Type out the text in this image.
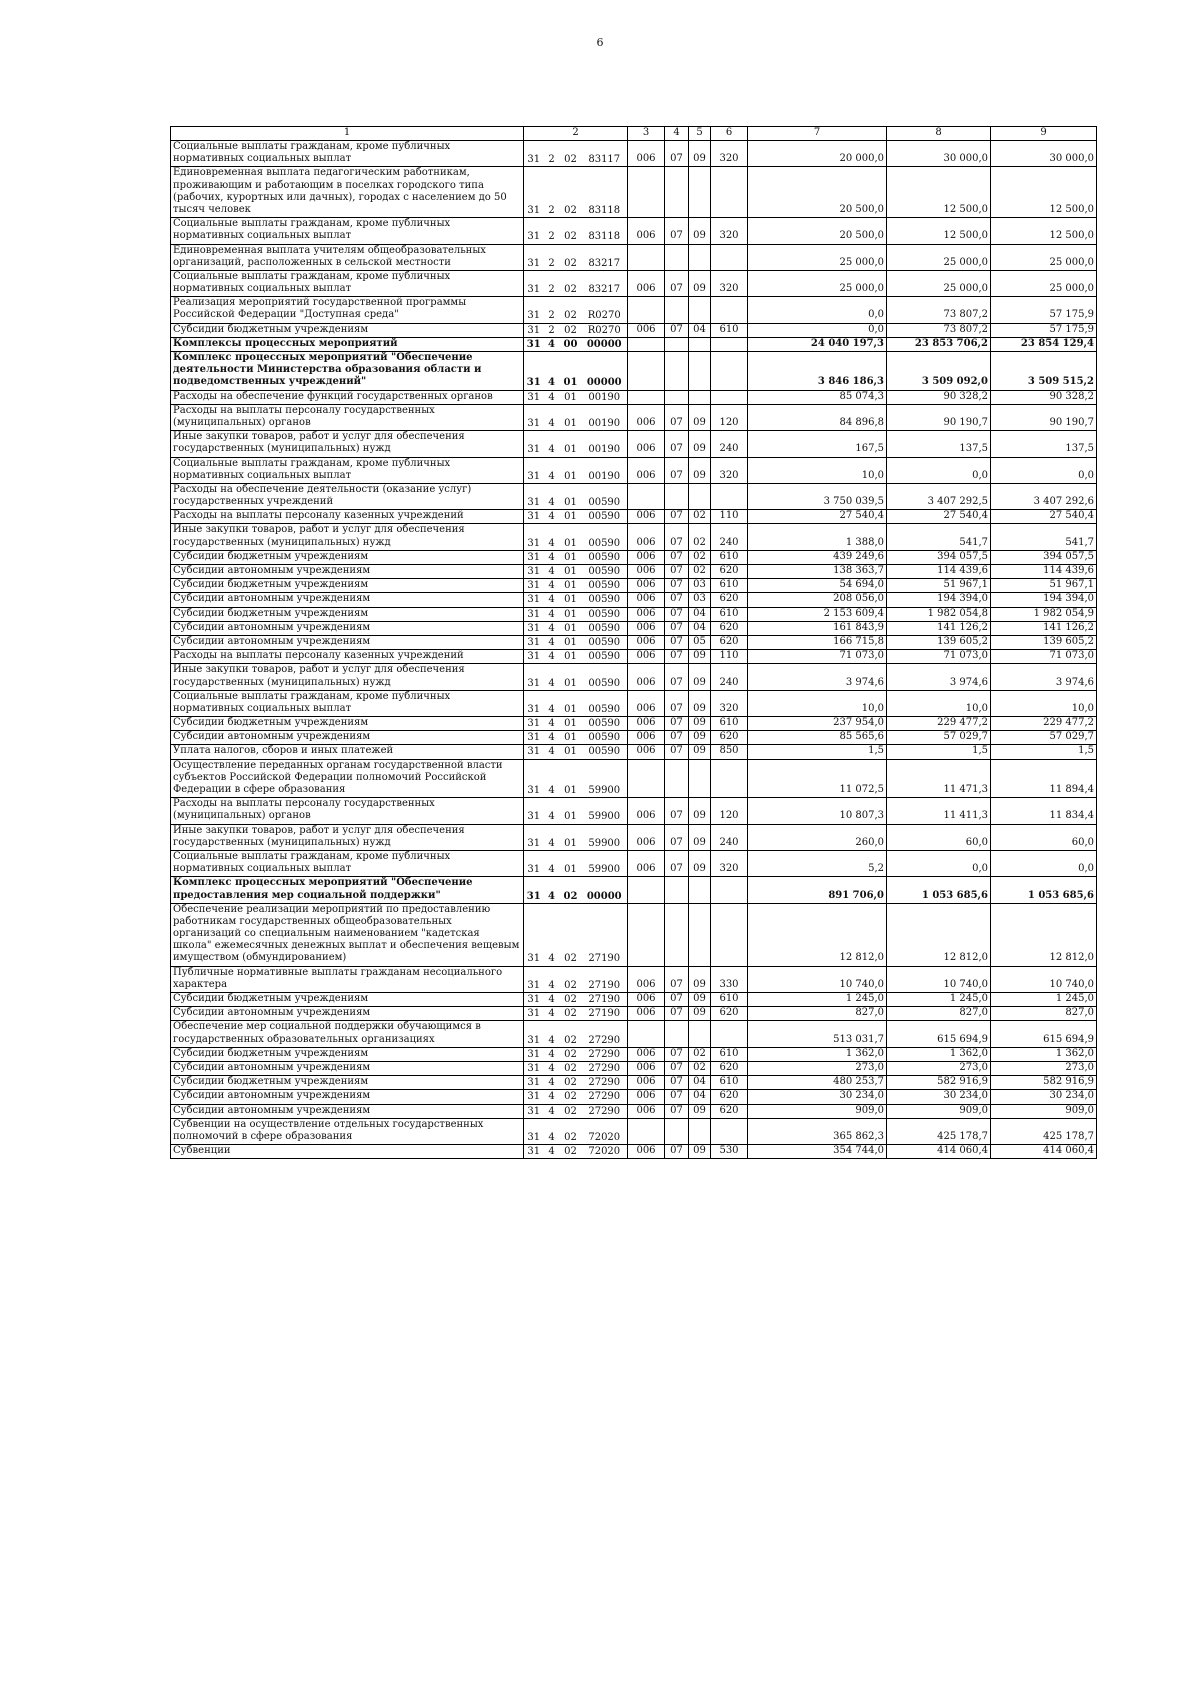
6
1	2				3	4	5	6	7	8	9
Социальные выплаты гражданам, кроме публичных нормативных социальных выплат	31	2	02	83117	006	07	09	320	20 000,0	30 000,0	30 000,0
Единовременная выплата педагогическим работникам, проживающим и работающим в поселках городского типа (рабочих, курортных или дачных), городах с населением до 50 тысяч человек	31	2	02	83118					20 500,0	12 500,0	12 500,0
Социальные выплаты гражданам, кроме публичных нормативных социальных выплат	31	2	02	83118	006	07	09	320	20 500,0	12 500,0	12 500,0
Единовременная выплата учителям общеобразовательных организаций, расположенных в сельской местности	31	2	02	83217					25 000,0	25 000,0	25 000,0
Социальные выплаты гражданам, кроме публичных нормативных социальных выплат	31	2	02	83217	006	07	09	320	25 000,0	25 000,0	25 000,0
Реализация мероприятий государственной программы Российской Федерации "Доступная среда"	31	2	02	R0270					0,0	73 807,2	57 175,9
Субсидии бюджетным учреждениям	31	2	02	R0270	006	07	04	610	0,0	73 807,2	57 175,9
Комплексы процессных мероприятий	31	4	00	00000					24 040 197,3	23 853 706,2	23 854 129,4
Комплекс процессных мероприятий "Обеспечение деятельности Министерства образования области и подведомственных учреждений"	31	4	01	00000					3 846 186,3	3 509 092,0	3 509 515,2
Расходы на обеспечение функций государственных органов	31	4	01	00190					85 074,3	90 328,2	90 328,2
Расходы на выплаты персоналу государственных (муниципальных) органов	31	4	01	00190	006	07	09	120	84 896,8	90 190,7	90 190,7
Иные закупки товаров, работ и услуг для обеспечения государственных (муниципальных) нужд	31	4	01	00190	006	07	09	240	167,5	137,5	137,5
Социальные выплаты гражданам, кроме публичных нормативных социальных выплат	31	4	01	00190	006	07	09	320	10,0	0,0	0,0
Расходы на обеспечение деятельности (оказание услуг) государственных учреждений	31	4	01	00590					3 750 039,5	3 407 292,5	3 407 292,6
Расходы на выплаты персоналу казенных учреждений	31	4	01	00590	006	07	02	110	27 540,4	27 540,4	27 540,4
Иные закупки товаров, работ и услуг для обеспечения государственных (муниципальных) нужд	31	4	01	00590	006	07	02	240	1 388,0	541,7	541,7
Субсидии бюджетным учреждениям	31	4	01	00590	006	07	02	610	439 249,6	394 057,5	394 057,5
Субсидии автономным учреждениям	31	4	01	00590	006	07	02	620	138 363,7	114 439,6	114 439,6
Субсидии бюджетным учреждениям	31	4	01	00590	006	07	03	610	54 694,0	51 967,1	51 967,1
Субсидии автономным учреждениям	31	4	01	00590	006	07	03	620	208 056,0	194 394,0	194 394,0
Субсидии бюджетным учреждениям	31	4	01	00590	006	07	04	610	2 153 609,4	1 982 054,8	1 982 054,9
Субсидии автономным учреждениям	31	4	01	00590	006	07	04	620	161 843,9	141 126,2	141 126,2
Субсидии автономным учреждениям	31	4	01	00590	006	07	05	620	166 715,8	139 605,2	139 605,2
Расходы на выплаты персоналу казенных учреждений	31	4	01	00590	006	07	09	110	71 073,0	71 073,0	71 073,0
Иные закупки товаров, работ и услуг для обеспечения государственных (муниципальных) нужд	31	4	01	00590	006	07	09	240	3 974,6	3 974,6	3 974,6
Социальные выплаты гражданам, кроме публичных нормативных социальных выплат	31	4	01	00590	006	07	09	320	10,0	10,0	10,0
Субсидии бюджетным учреждениям	31	4	01	00590	006	07	09	610	237 954,0	229 477,2	229 477,2
Субсидии автономным учреждениям	31	4	01	00590	006	07	09	620	85 565,6	57 029,7	57 029,7
Уплата налогов, сборов и иных платежей	31	4	01	00590	006	07	09	850	1,5	1,5	1,5
Осуществление переданных органам государственной власти субъектов Российской Федерации полномочий Российской Федерации в сфере образования	31	4	01	59900					11 072,5	11 471,3	11 894,4
Расходы на выплаты персоналу государственных (муниципальных) органов	31	4	01	59900	006	07	09	120	10 807,3	11 411,3	11 834,4
Иные закупки товаров, работ и услуг для обеспечения государственных (муниципальных) нужд	31	4	01	59900	006	07	09	240	260,0	60,0	60,0
Социальные выплаты гражданам, кроме публичных нормативных социальных выплат	31	4	01	59900	006	07	09	320	5,2	0,0	0,0
Комплекс процессных мероприятий "Обеспечение предоставления мер социальной поддержки"	31	4	02	00000					891 706,0	1 053 685,6	1 053 685,6
Обеспечение реализации мероприятий по предоставлению работникам государственных общеобразовательных организаций со специальным наименованием "кадетская школа" ежемесячных денежных выплат и обеспечения вещевым имуществом (обмундированием)	31	4	02	27190					12 812,0	12 812,0	12 812,0
Публичные нормативные выплаты гражданам несоциального характера	31	4	02	27190	006	07	09	330	10 740,0	10 740,0	10 740,0
Субсидии бюджетным учреждениям	31	4	02	27190	006	07	09	610	1 245,0	1 245,0	1 245,0
Субсидии автономным учреждениям	31	4	02	27190	006	07	09	620	827,0	827,0	827,0
Обеспечение мер социальной поддержки обучающимся в государственных образовательных организациях	31	4	02	27290					513 031,7	615 694,9	615 694,9
Субсидии бюджетным учреждениям	31	4	02	27290	006	07	02	610	1 362,0	1 362,0	1 362,0
Субсидии автономным учреждениям	31	4	02	27290	006	07	02	620	273,0	273,0	273,0
Субсидии бюджетным учреждениям	31	4	02	27290	006	07	04	610	480 253,7	582 916,9	582 916,9
Субсидии автономным учреждениям	31	4	02	27290	006	07	04	620	30 234,0	30 234,0	30 234,0
Субсидии автономным учреждениям	31	4	02	27290	006	07	09	620	909,0	909,0	909,0
Субвенции на осуществление отдельных государственных полномочий в сфере образования	31	4	02	72020					365 862,3	425 178,7	425 178,7
Субвенции	31	4	02	72020	006	07	09	530	354 744,0	414 060,4	414 060,4
